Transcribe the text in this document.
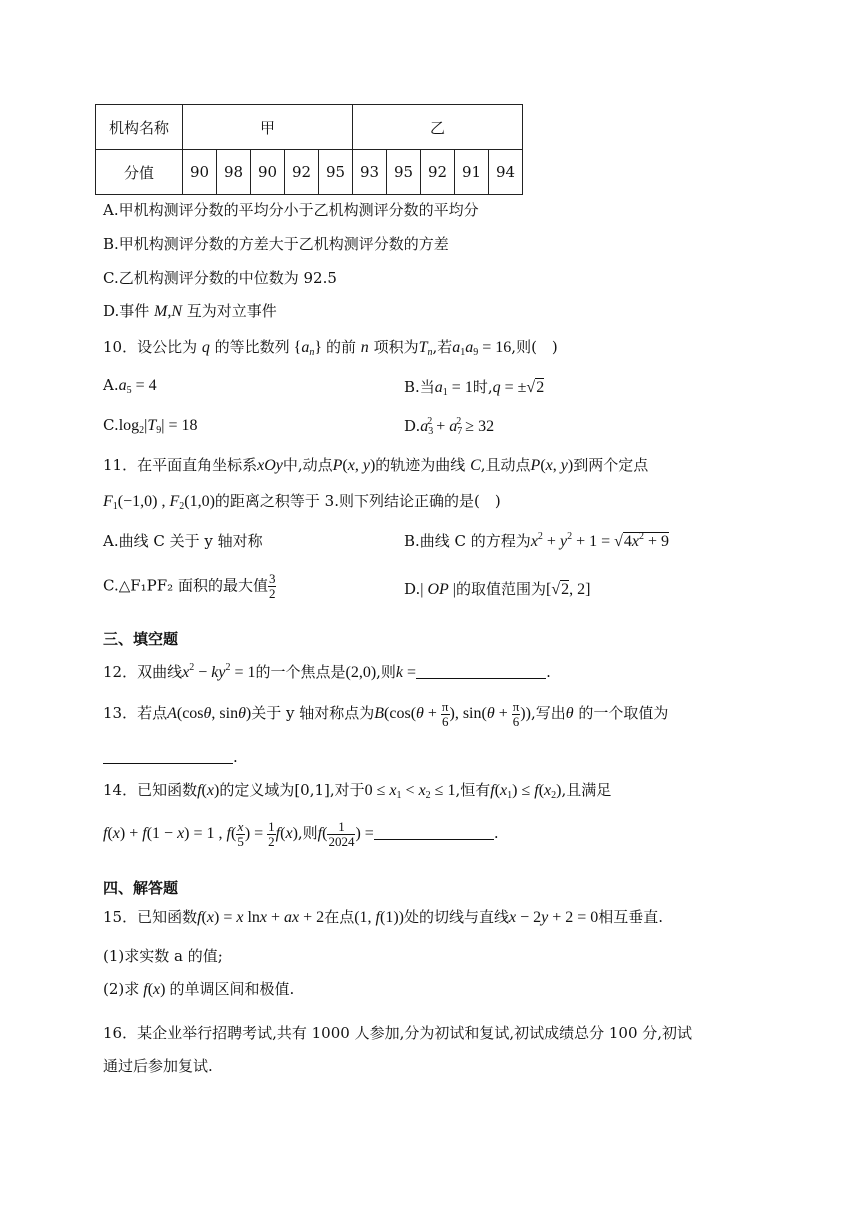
机构名称	甲					乙				
分值	90	98	90	92	95	93	95	92	91	94
A.甲机构测评分数的平均分小于乙机构测评分数的平均分
B.甲机构测评分数的方差大于乙机构测评分数的方差
C.乙机构测评分数的中位数为 92.5
D.事件 M,N 互为对立事件
10．设公比为 q 的等比数列 $\{a_n\}$ 的前 n 项积为$T_n$,若$a_1a_9 = 16$,则(　)
$A.a_5 = 4$	B.当$a_1 = 1$时,q = ±√2
$C.\log_2|T_9| = 18$	$D.a_3^2 + a_7^2 \ge 32$
11．在平面直角坐标系xOy中,动点P(x, y)的轨迹为曲线 C,且动点P(x, y)到两个定点
$F_1(-1,0)$ , $F_2(1,0)$的距离之积等于 3.则下列结论正确的是(　)
A.曲线 C 关于 y 轴对称	B.曲线 C 的方程为$x^2 + y^2 + 1 = √4x^2 + 9$
C.△F₁PF₂ 面积的最大值 $\frac{3}{2}$	D.| OP |的取值范围为[√2, 2]
三、填空题
12．双曲线$x^2 - ky^2 = 1$的一个焦点是(2,0),则k =	.
13．若点A(cosθ, sinθ)关于 y 轴对称点为$B(\cos(\theta + \frac{\pi}{6}$ ), $\sin(\theta + \frac{\pi}{6}$ )),写出θ 的一个取值为
.
14．已知函数f(x)的定义域为[0,1],对于$0 \le x_1 < x_2 \le 1$,恒有$f(x_1) \le f(x_2)$,且满足
f(x) + f(1 − x) = 1 , $f( \frac{x}{5}$ ) = $\frac{1}{2} f(x)$,则$f( \frac{1}{2024}$ ) =	.
四、解答题
15．已知函数f(x) = x lnx + ax + 2在点(1, f(1))处的切线与直线x − 2y + 2 = 0相互垂直.
(1)求实数 a 的值;
(2)求 f(x) 的单调区间和极值.
16．某企业举行招聘考试,共有 1000 人参加,分为初试和复试,初试成绩总分 100 分,初试
通过后参加复试.
